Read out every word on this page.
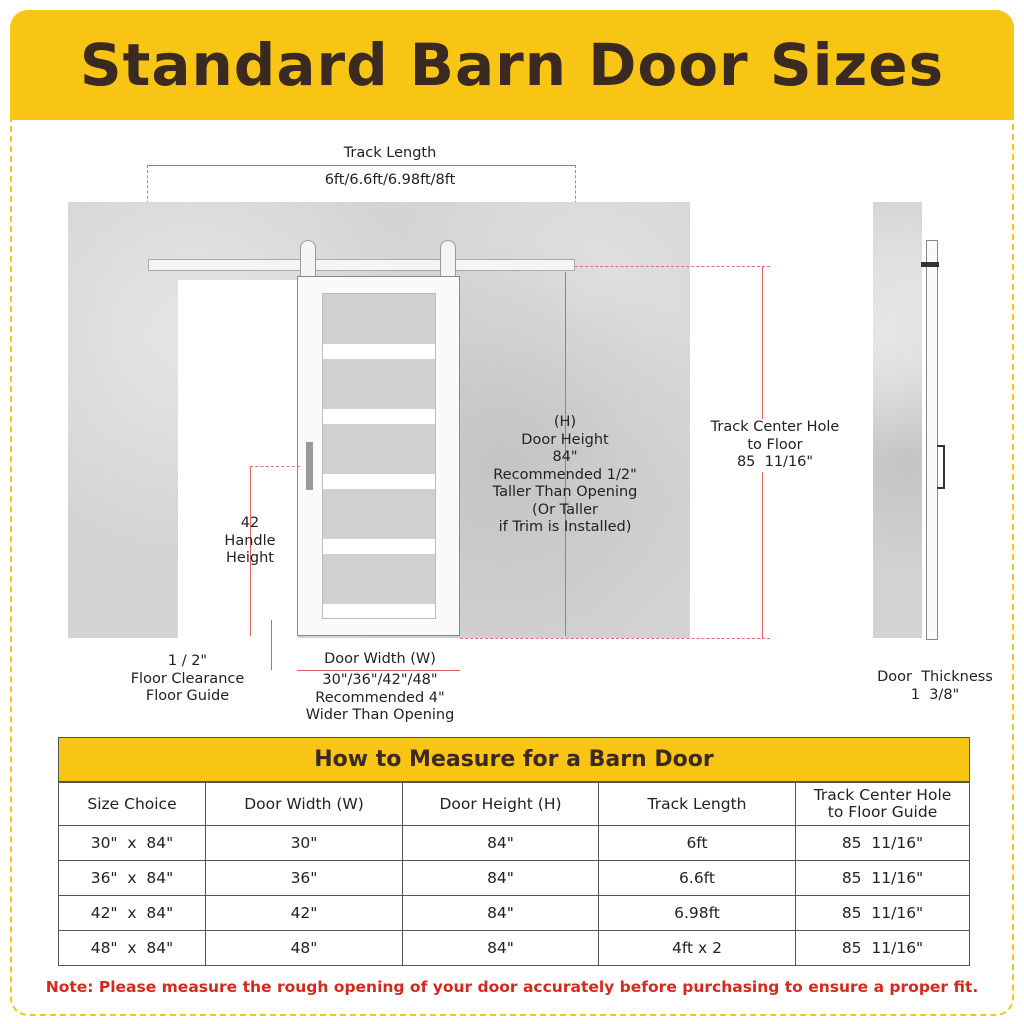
Standard Barn Door Sizes
Track Length
6ft/6.6ft/6.98ft/8ft
(H)
Door Height
84"
Recommended 1/2"
Taller Than Opening
(Or Taller
if Trim is Installed)
Track Center Hole
to Floor
85  11/16"
42
Handle
Height
1 / 2"
Floor Clearance
Floor Guide
Door Width (W)
30"/36"/42"/48"
Recommended 4"
Wider Than Opening
Door  Thickness
1  3/8"
How to Measure for a Barn Door
Size Choice	Door Width (W)	Door Height (H)	Track Length	Track Center Hole
to Floor Guide
30"  x  84"	30"	84"	6ft	85  11/16"
36"  x  84"	36"	84"	6.6ft	85  11/16"
42"  x  84"	42"	84"	6.98ft	85  11/16"
48"  x  84"	48"	84"	4ft x 2	85  11/16"
Note: Please measure the rough opening of your door accurately before purchasing to ensure a proper fit.
